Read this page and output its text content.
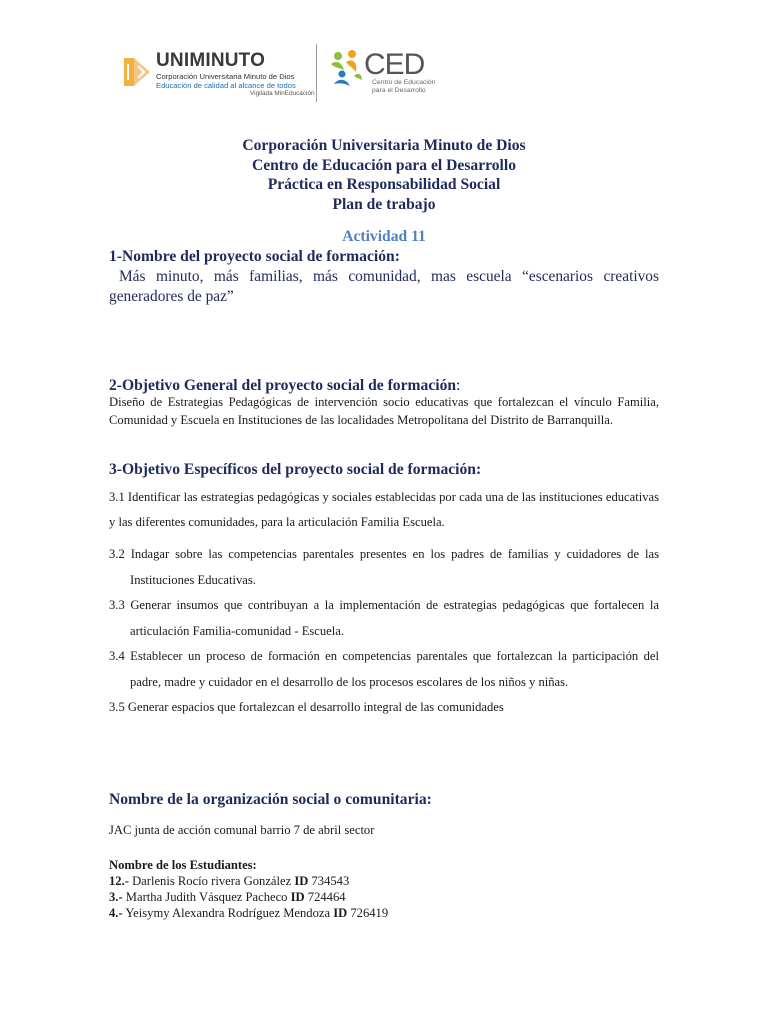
UNIMINUTO
Corporación Universitaria Minuto de Dios
Educación de calidad al alcance de todos
Vigilada MinEducación
CED
Centro de Educación
para el Desarrollo
Corporación Universitaria Minuto de Dios
Centro de Educación para el Desarrollo
Práctica en Responsabilidad Social
Plan de trabajo
Actividad 11

1-Nombre del proyecto social de formación:

Más minuto, más familias, más comunidad, mas escuela “escenarios creativos generadores de paz”

2-Objetivo General del proyecto social de formación:

Diseño de Estrategias Pedagógicas de intervención socio educativas que fortalezcan el vínculo Familia, Comunidad y Escuela en Instituciones de las localidades Metropolitana del Distrito de Barranquilla.

3-Objetivo Específicos del proyecto social de formación:

3.1 Identificar las estrategias pedagógicas y sociales establecidas por cada una de las instituciones educativas y las diferentes comunidades, para la articulación Familia Escuela.

3.2 Indagar sobre las competencias parentales presentes en los padres de familias y cuidadores de las Instituciones Educativas.

3.3 Generar insumos que contribuyan a la implementación de estrategias pedagógicas que fortalecen la articulación Familia-comunidad - Escuela.

3.4 Establecer un proceso de formación en competencias parentales que fortalezcan la participación del padre, madre y cuidador en el desarrollo de los procesos escolares de los niños y niñas.

3.5 Generar espacios que fortalezcan el desarrollo integral de las comunidades

Nombre de la organización social o comunitaria:

JAC junta de acción comunal barrio 7 de abril sector

Nombre de los Estudiantes:

12.- Darlenis Rocío rivera González ID 734543

3.- Martha Judith Vásquez Pacheco ID 724464

4.- Yeisymy Alexandra Rodríguez Mendoza ID 726419
